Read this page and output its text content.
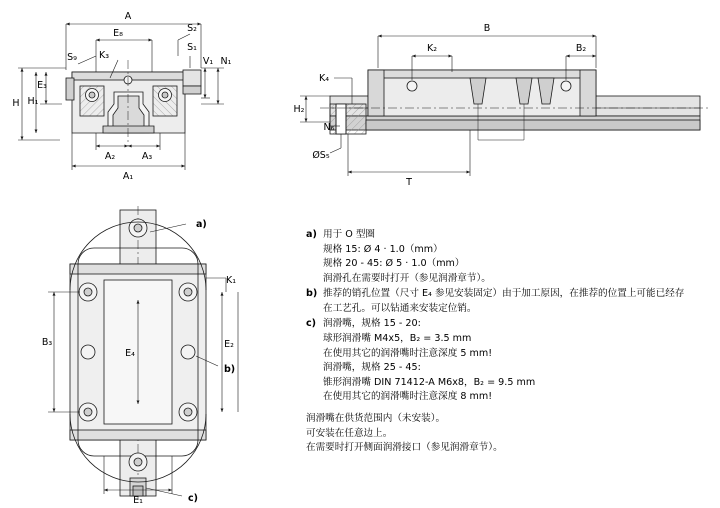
A
E₈	S₂
S₁
S₉ K₃
V₁ N₁
E₃
H₁
H
A₂	A₃
A₁
B
K₂	B₂
K₄
H₂
N₆
ØS₅
T
a)
K₁
B₃
E₄
E₂
b)
E₁	c)
a) 用于 O 型圈
规格 15: Ø 4 · 1.0（mm）
规格 20 - 45: Ø 5 · 1.0（mm）
润滑孔在需要时打开（参见润滑章节）。
b) 推荐的销孔位置（尺寸 E₄ 参见安装固定）由于加工原因，在推荐的位置上可能已经存
在工艺孔。可以钻通来安装定位销。
c) 润滑嘴，规格 15 - 20:
球形润滑嘴 M4x5，B₂ = 3.5 mm
在使用其它的润滑嘴时注意深度 5 mm!
润滑嘴，规格 25 - 45:
锥形润滑嘴 DIN 71412-A M6x8，B₂ = 9.5 mm
在使用其它的润滑嘴时注意深度 8 mm!
润滑嘴在供货范围内（未安装）。
可安装在任意边上。
在需要时打开侧面润滑接口（参见润滑章节）。
